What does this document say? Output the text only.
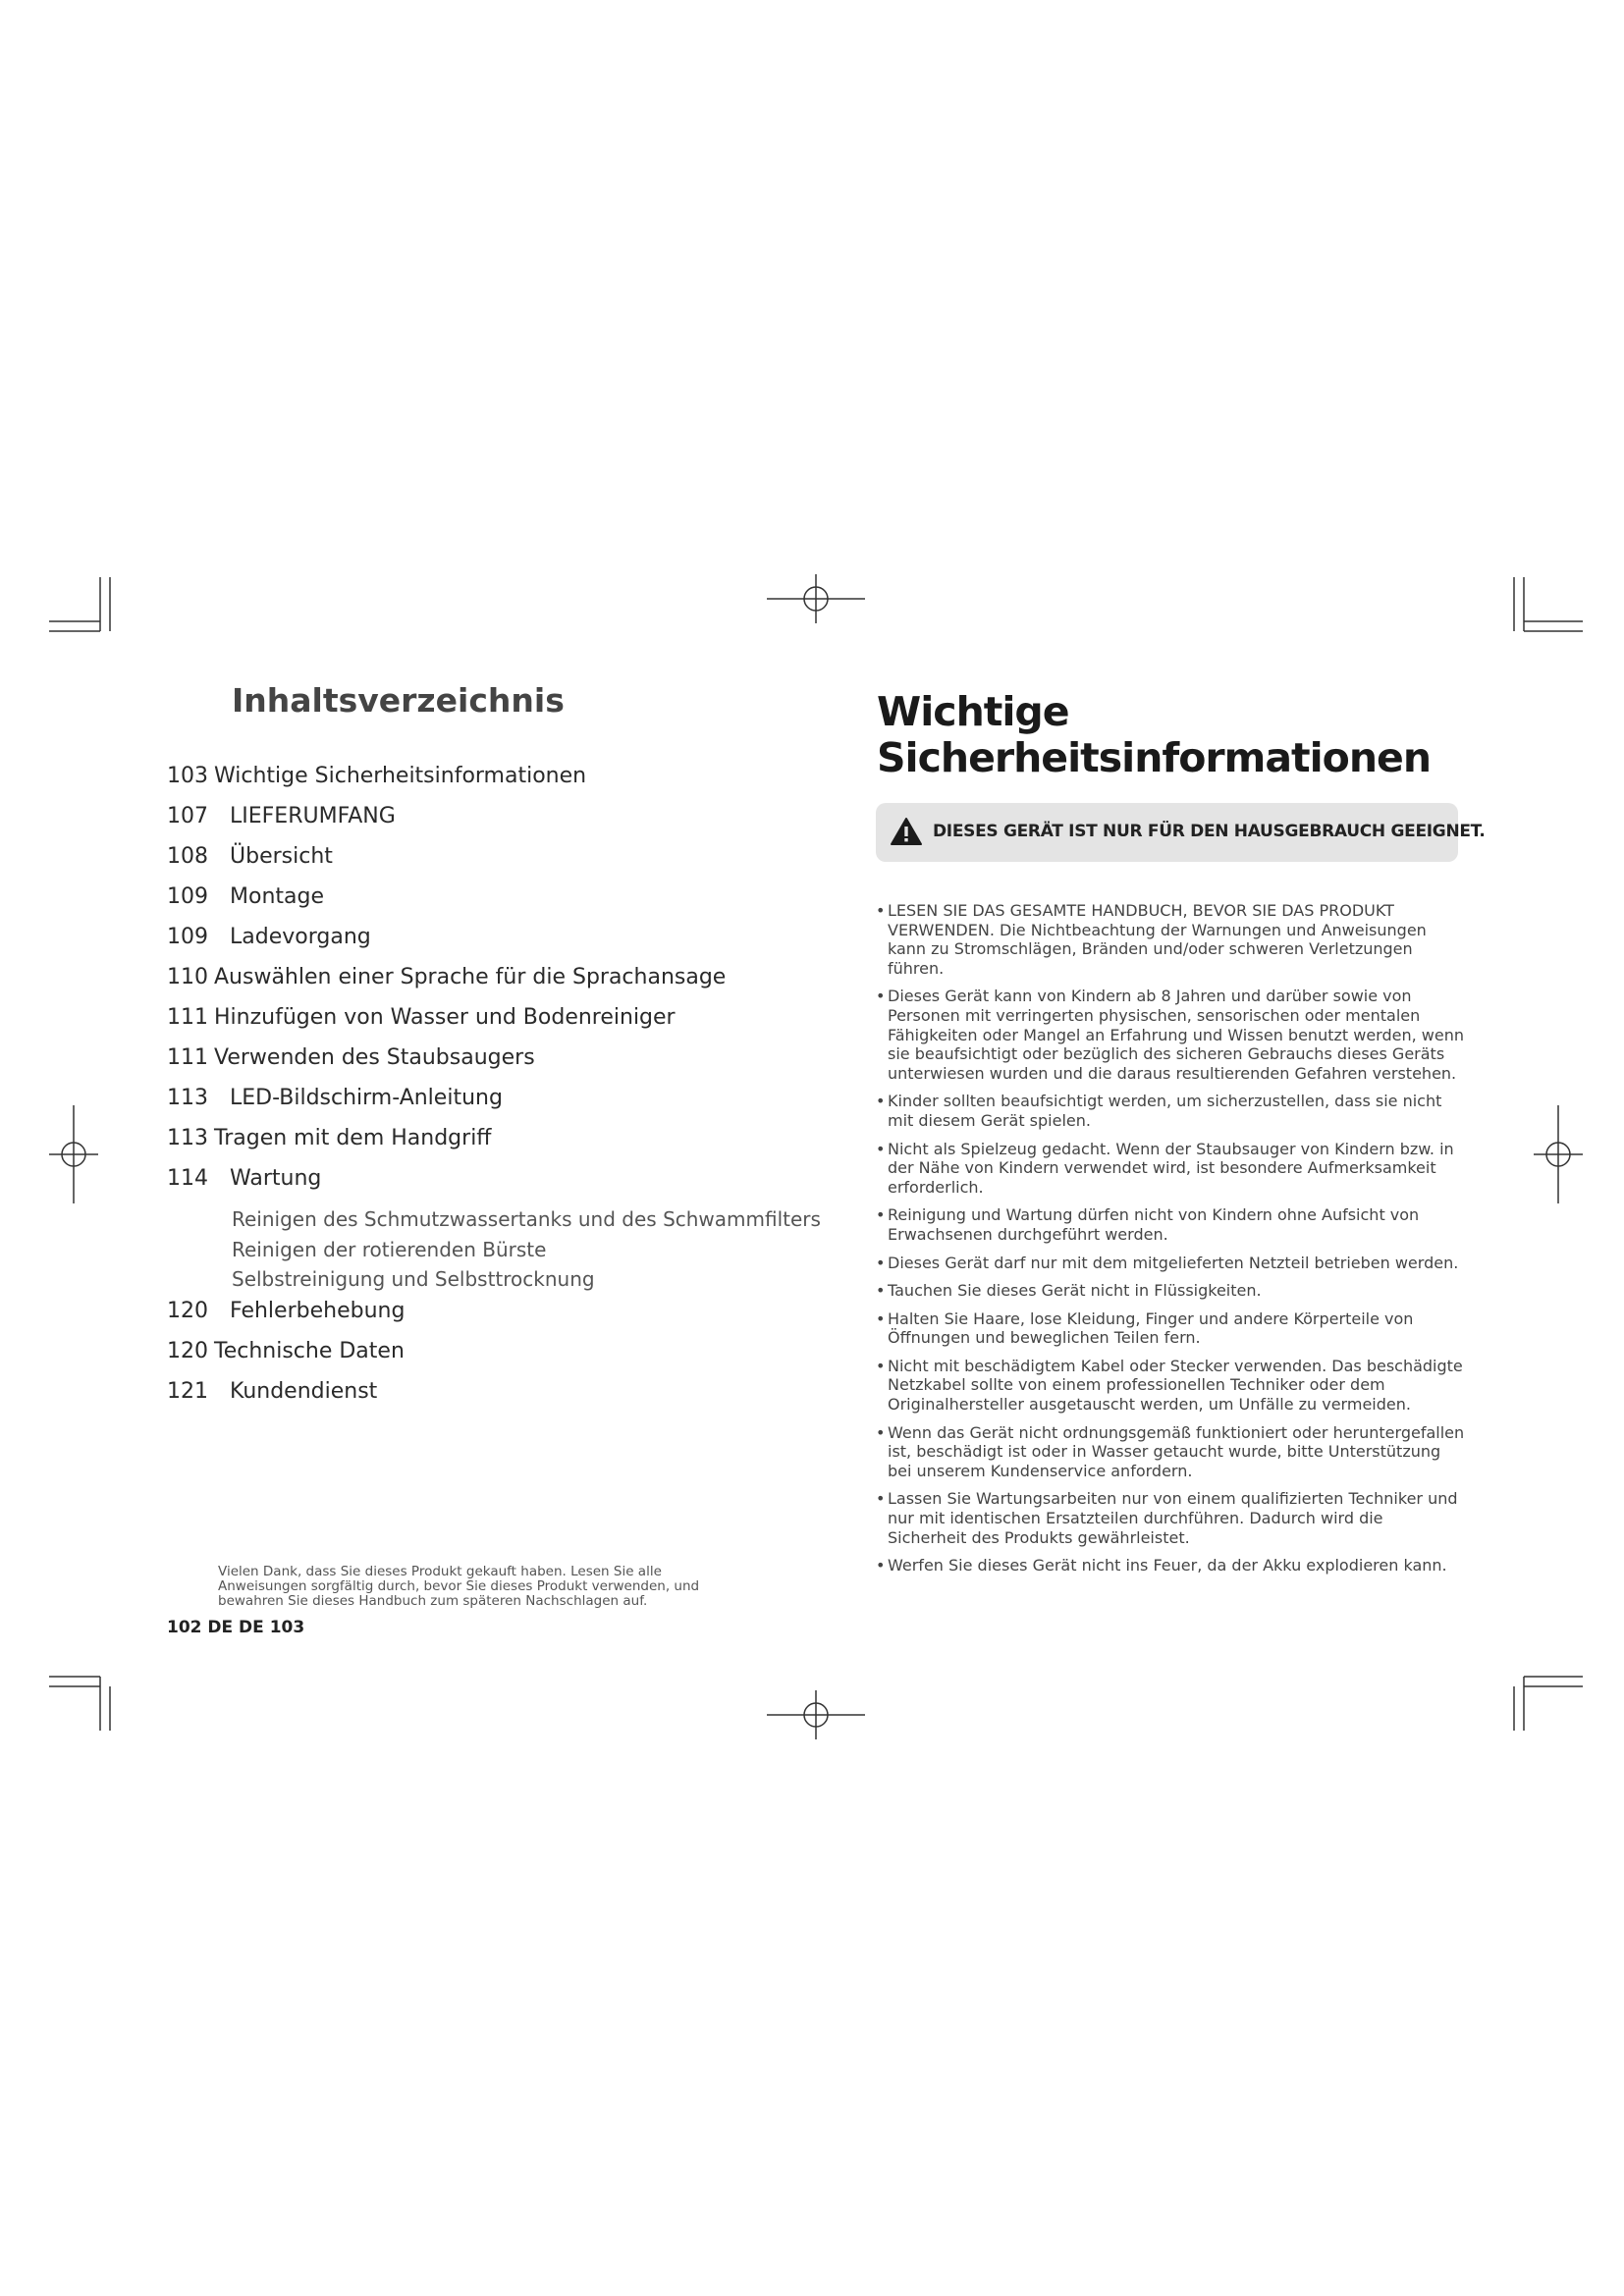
Inhaltsverzeichnis
103 Wichtige Sicherheitsinformationen
107 LIEFERUMFANG
108 Übersicht
109 Montage
109 Ladevorgang
110 Auswählen einer Sprache für die Sprachansage
111 Hinzufügen von Wasser und Bodenreiniger
111 Verwenden des Staubsaugers
113 LED-Bildschirm-Anleitung
113 Tragen mit dem Handgriff
114 Wartung
Reinigen des Schmutzwassertanks und des Schwammfilters
Reinigen der rotierenden Bürste
Selbstreinigung und Selbsttrocknung
120 Fehlerbehebung
120 Technische Daten
121 Kundendienst

Vielen Dank, dass Sie dieses Produkt gekauft haben. Lesen Sie alle Anweisungen sorgfältig durch, bevor Sie dieses Produkt verwenden, und bewahren Sie dieses Handbuch zum späteren Nachschlagen auf.

102 DE DE 103
Wichtige
Sicherheitsinformationen
DIESES GERÄT IST NUR FÜR DEN HAUSGEBRAUCH GEEIGNET.
• LESEN SIE DAS GESAMTE HANDBUCH, BEVOR SIE DAS PRODUKT VERWENDEN. Die Nichtbeachtung der Warnungen und Anweisungen kann zu Stromschlägen, Bränden und/oder schweren Verletzungen führen.
• Dieses Gerät kann von Kindern ab 8 Jahren und darüber sowie von Personen mit verringerten physischen, sensorischen oder mentalen Fähigkeiten oder Mangel an Erfahrung und Wissen benutzt werden, wenn sie beaufsichtigt oder bezüglich des sicheren Gebrauchs dieses Geräts unterwiesen wurden und die daraus resultierenden Gefahren verstehen.
• Kinder sollten beaufsichtigt werden, um sicherzustellen, dass sie nicht mit diesem Gerät spielen.
• Nicht als Spielzeug gedacht. Wenn der Staubsauger von Kindern bzw. in der Nähe von Kindern verwendet wird, ist besondere Aufmerksamkeit erforderlich.
• Reinigung und Wartung dürfen nicht von Kindern ohne Aufsicht von Erwachsenen durchgeführt werden.
• Dieses Gerät darf nur mit dem mitgelieferten Netzteil betrieben werden.
• Tauchen Sie dieses Gerät nicht in Flüssigkeiten.
• Halten Sie Haare, lose Kleidung, Finger und andere Körperteile von Öffnungen und beweglichen Teilen fern.
• Nicht mit beschädigtem Kabel oder Stecker verwenden. Das beschädigte Netzkabel sollte von einem professionellen Techniker oder dem Originalhersteller ausgetauscht werden, um Unfälle zu vermeiden.
• Wenn das Gerät nicht ordnungsgemäß funktioniert oder heruntergefallen ist, beschädigt ist oder in Wasser getaucht wurde, bitte Unterstützung bei unserem Kundenservice anfordern.
• Lassen Sie Wartungsarbeiten nur von einem qualifizierten Techniker und nur mit identischen Ersatzteilen durchführen. Dadurch wird die Sicherheit des Produkts gewährleistet.
• Werfen Sie dieses Gerät nicht ins Feuer, da der Akku explodieren kann.
